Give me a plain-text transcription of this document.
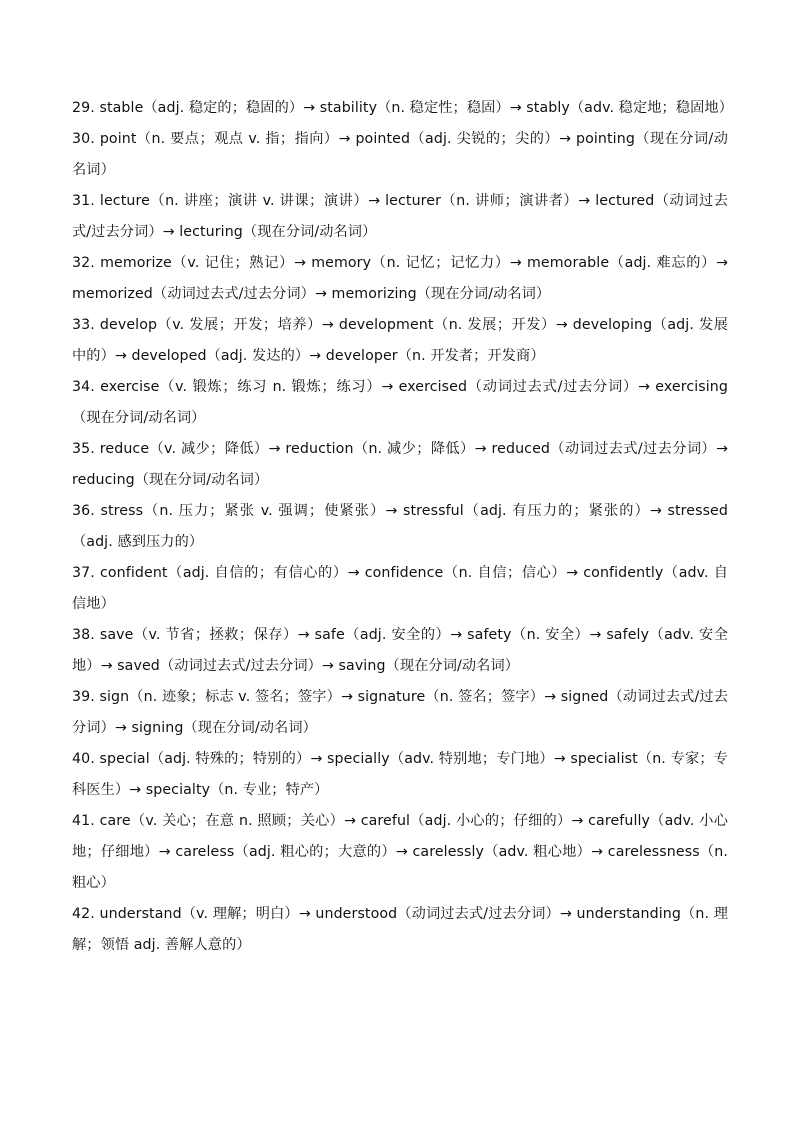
29. stable（adj. 稳定的；稳固的）→ stability（n. 稳定性；稳固）→ stably（adv. 稳定地；稳固地）

30. point（n. 要点；观点 v. 指；指向）→ pointed（adj. 尖锐的；尖的）→ pointing（现在分词/动名词）

31. lecture（n. 讲座；演讲 v. 讲课；演讲）→ lecturer（n. 讲师；演讲者）→ lectured（动词过去式/过去分词）→ lecturing（现在分词/动名词）

32. memorize（v. 记住；熟记）→ memory（n. 记忆；记忆力）→ memorable（adj. 难忘的）→ memorized（动词过去式/过去分词）→ memorizing（现在分词/动名词）

33. develop（v. 发展；开发；培养）→ development（n. 发展；开发）→ developing（adj. 发展中的）→ developed（adj. 发达的）→ developer（n. 开发者；开发商）

34. exercise（v. 锻炼；练习 n. 锻炼；练习）→ exercised（动词过去式/过去分词）→ exercising（现在分词/动名词）

35. reduce（v. 减少；降低）→ reduction（n. 减少；降低）→ reduced（动词过去式/过去分词）→ reducing（现在分词/动名词）

36. stress（n. 压力；紧张 v. 强调；使紧张）→ stressful（adj. 有压力的；紧张的）→ stressed（adj. 感到压力的）

37. confident（adj. 自信的；有信心的）→ confidence（n. 自信；信心）→ confidently（adv. 自信地）

38. save（v. 节省；拯救；保存）→ safe（adj. 安全的）→ safety（n. 安全）→ safely（adv. 安全地）→ saved（动词过去式/过去分词）→ saving（现在分词/动名词）

39. sign（n. 迹象；标志 v. 签名；签字）→ signature（n. 签名；签字）→ signed（动词过去式/过去分词）→ signing（现在分词/动名词）

40. special（adj. 特殊的；特别的）→ specially（adv. 特别地；专门地）→ specialist（n. 专家；专科医生）→ specialty（n. 专业；特产）

41. care（v. 关心；在意 n. 照顾；关心）→ careful（adj. 小心的；仔细的）→ carefully（adv. 小心地；仔细地）→ careless（adj. 粗心的；大意的）→ carelessly（adv. 粗心地）→ carelessness（n. 粗心）

42. understand（v. 理解；明白）→ understood（动词过去式/过去分词）→ understanding（n. 理解；领悟 adj. 善解人意的）
